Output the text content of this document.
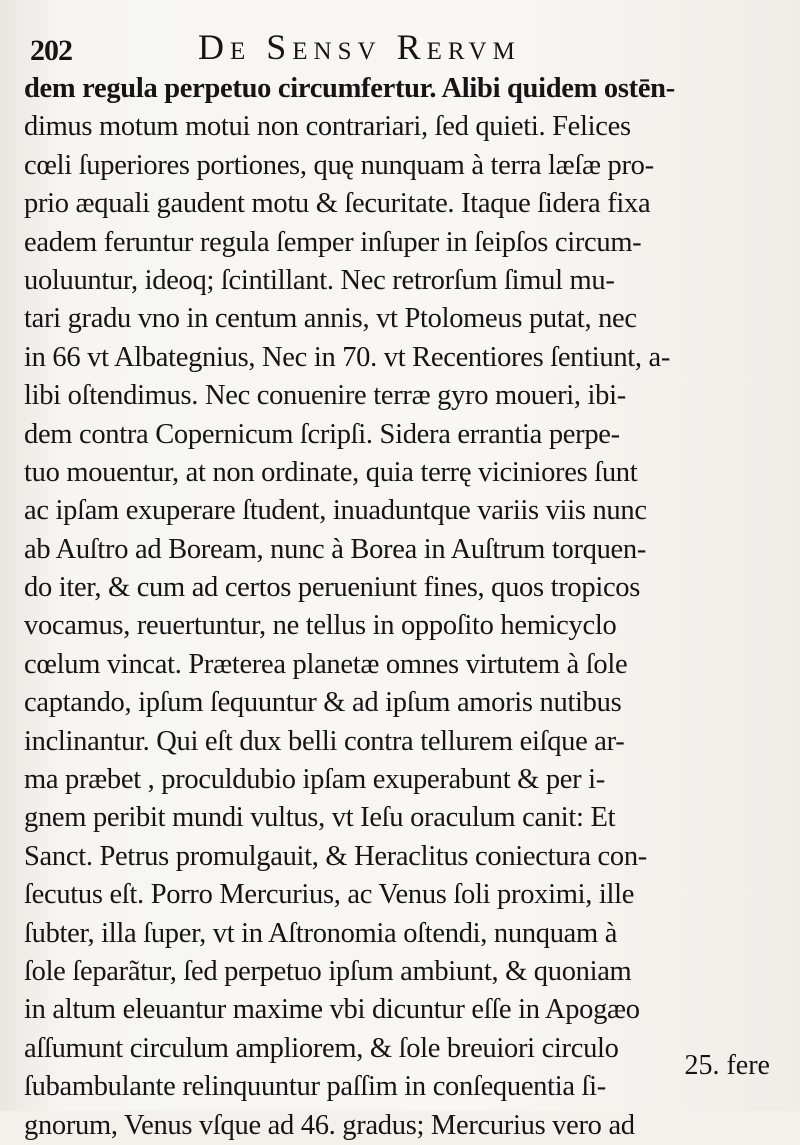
202	De Sensv Rervm
dem regula perpetuo circumfertur. Alibi quidem ostēn-
dimus motum motui non contrariari, ſed quieti. Felices
cœli ſuperiores portiones, quę nunquam à terra læſæ pro-
prio æquali gaudent motu & ſecuritate. Itaque ſidera fixa
eadem feruntur regula ſemper inſuper in ſeipſos circum-
uoluuntur, ideoq; ſcintillant. Nec retrorſum ſimul mu-
tari gradu vno in centum annis, vt Ptolomeus putat, nec
in 66 vt Albategnius, Nec in 70. vt Recentiores ſentiunt, a-
libi oſtendimus. Nec conuenire terræ gyro moueri, ibi-
dem contra Copernicum ſcripſi. Sidera errantia perpe-
tuo mouentur, at non ordinate, quia terrę viciniores ſunt
ac ipſam exuperare ſtudent, inuaduntque variis viis nunc
ab Auſtro ad Boream, nunc à Borea in Auſtrum torquen-
do iter, & cum ad certos perueniunt fines, quos tropicos
vocamus, reuertuntur, ne tellus in oppoſito hemicyclo
cœlum vincat. Præterea planetæ omnes virtutem à ſole
captando, ipſum ſequuntur & ad ipſum amoris nutibus
inclinantur. Qui eſt dux belli contra tellurem eiſque ar-
ma præbet , proculdubio ipſam exuperabunt & per i-
gnem peribit mundi vultus, vt Ieſu oraculum canit: Et
Sanct. Petrus promulgauit, & Heraclitus coniectura con-
ſecutus eſt. Porro Mercurius, ac Venus ſoli proximi, ille
ſubter, illa ſuper, vt in Aſtronomia oſtendi, nunquam à
ſole ſeparãtur, ſed perpetuo ipſum ambiunt, & quoniam
in altum eleuantur maxime vbi dicuntur eſſe in Apogæo
aſſumunt circulum ampliorem, & ſole breuiori circulo
ſubambulante relinquuntur paſſim in conſequentia ſi-
gnorum, Venus vſque ad 46. gradus; Mercurius vero ad
25. fere
